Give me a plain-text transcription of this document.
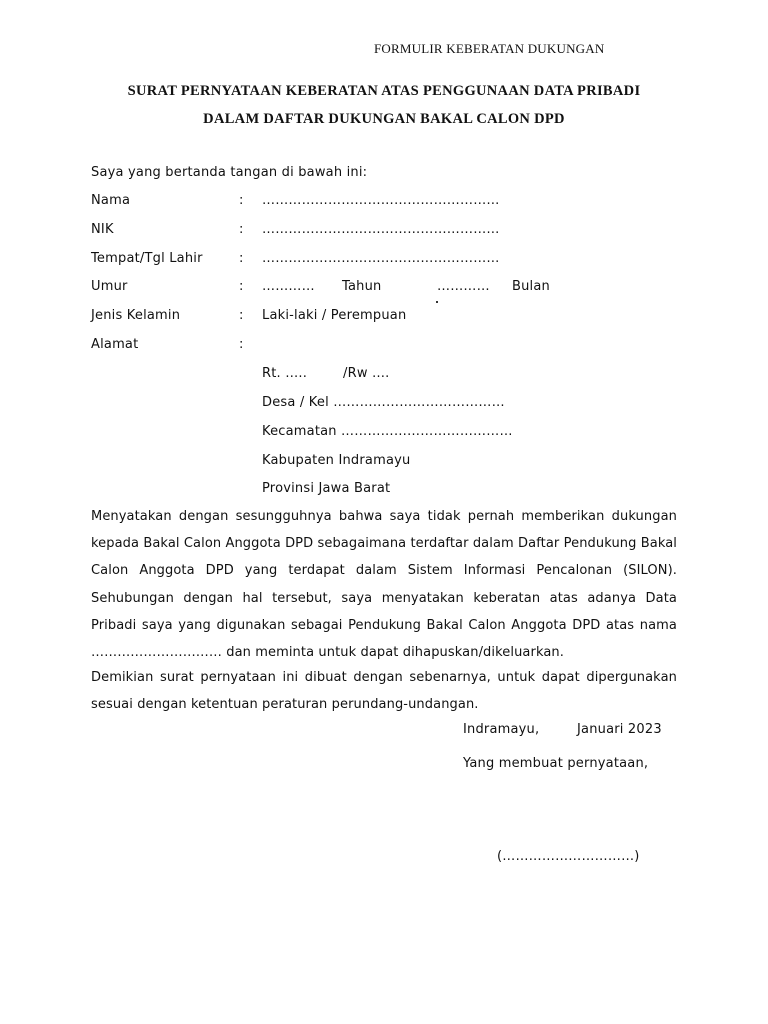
FORMULIR KEBERATAN DUKUNGAN
SURAT PERNYATAAN KEBERATAN ATAS PENGGUNAAN DATA PRIBADI
DALAM DAFTAR DUKUNGAN BAKAL CALON DPD
Saya yang bertanda tangan di bawah ini:
Nama	: ………………………………………………
NIK	: ………………………………………………
Tempat/Tgl Lahir	: ………………………………………………
Umur	: ………… Tahun	………… Bulan
Jenis Kelamin	: Laki-laki / Perempuan
Alamat	:
Rt. …..	/Rw ….
Desa / Kel …………………………………
Kecamatan …………………………………
Kabupaten Indramayu
Provinsi Jawa Barat

Menyatakan dengan sesungguhnya bahwa saya tidak pernah memberikan dukungan kepada Bakal Calon Anggota DPD sebagaimana terdaftar dalam Daftar Pendukung Bakal Calon Anggota DPD yang terdapat dalam Sistem Informasi Pencalonan (SILON). Sehubungan dengan hal tersebut, saya menyatakan keberatan atas adanya Data Pribadi saya yang digunakan sebagai Pendukung Bakal Calon Anggota DPD atas nama ………………………… dan meminta untuk dapat dihapuskan/dikeluarkan.

Demikian surat pernyataan ini dibuat dengan sebenarnya, untuk dapat dipergunakan sesuai dengan ketentuan peraturan perundang-undangan.

Indramayu,	Januari 2023
Yang membuat pernyataan,
(…………………………)
